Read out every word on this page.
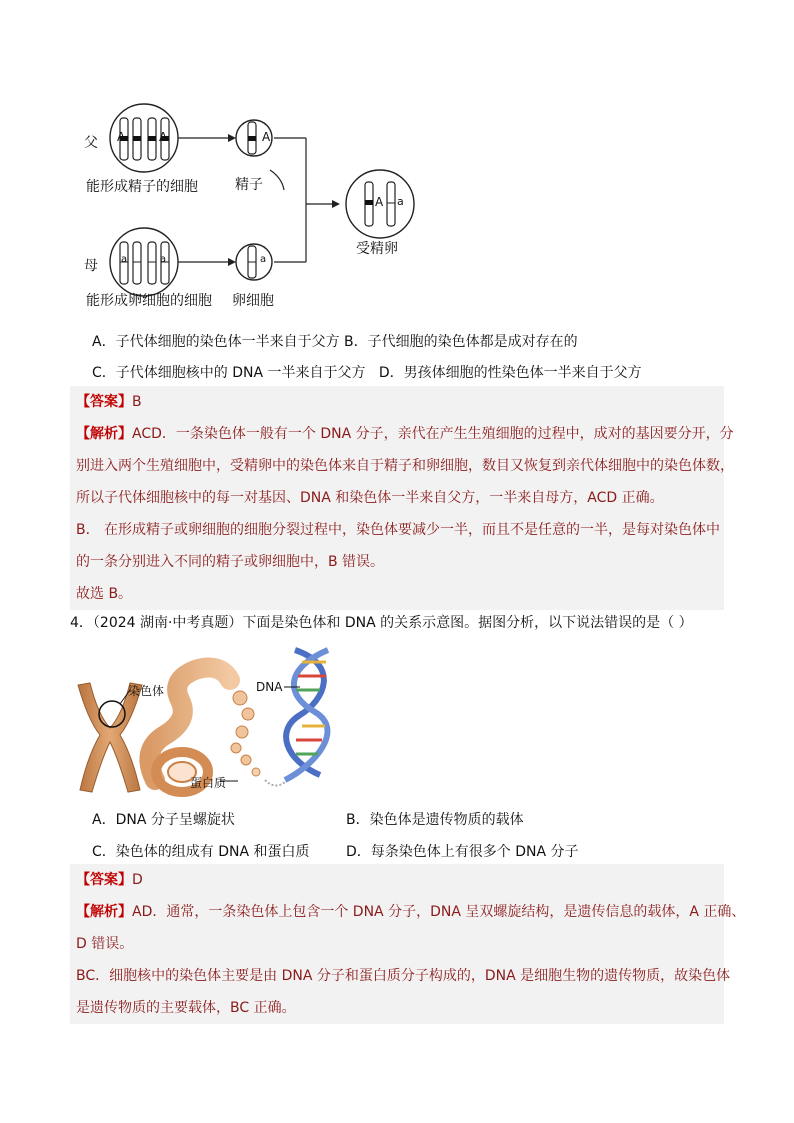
父
母
A	A	A
A a
a	a	a
能形成精子的细胞	精子
受精卵
能形成卵细胞的细胞 卵细胞
A．子代体细胞的染色体一半来自于父方 B．子代细胞的染色体都是成对存在的
C．子代体细胞核中的 DNA 一半来自于父方 D．男孩体细胞的性染色体一半来自于父方
【答案】B
【解析】ACD．一条染色体一般有一个 DNA 分子，亲代在产生生殖细胞的过程中，成对的基因要分开，分
别进入两个生殖细胞中，受精卵中的染色体来自于精子和卵细胞，数目又恢复到亲代体细胞中的染色体数，
所以子代体细胞核中的每一对基因、DNA 和染色体一半来自父方，一半来自母方，ACD 正确。
B． 在形成精子或卵细胞的细胞分裂过程中，染色体要减少一半，而且不是任意的一半，是每对染色体中
的一条分别进入不同的精子或卵细胞中，B 错误。
故选 B。
4．（2024 湖南·中考真题）下面是染色体和 DNA 的关系示意图。据图分析，以下说法错误的是（ ）
染色体	DNA
蛋白质
A．DNA 分子呈螺旋状	B．染色体是遗传物质的载体
C．染色体的组成有 DNA 和蛋白质	D．每条染色体上有很多个 DNA 分子
【答案】D
【解析】AD．通常，一条染色体上包含一个 DNA 分子，DNA 呈双螺旋结构，是遗传信息的载体，A 正确、
D 错误。
BC．细胞核中的染色体主要是由 DNA 分子和蛋白质分子构成的，DNA 是细胞生物的遗传物质，故染色体
是遗传物质的主要载体，BC 正确。
